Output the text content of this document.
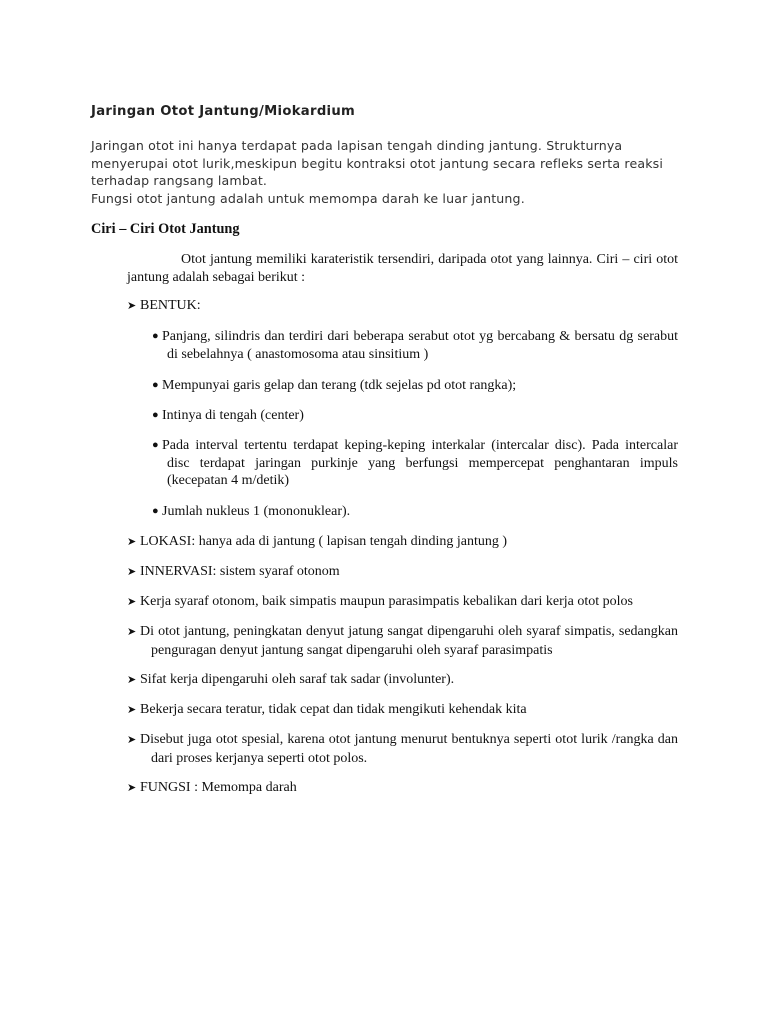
Jaringan Otot Jantung/Miokardium

Jaringan otot ini hanya terdapat pada lapisan tengah dinding jantung. Strukturnya menyerupai otot lurik,meskipun begitu kontraksi otot jantung secara refleks serta reaksi terhadap rangsang lambat.

Fungsi otot jantung adalah untuk memompa darah ke luar jantung.

Ciri – Ciri Otot Jantung
Otot jantung memiliki karateristik tersendiri, daripada otot yang lainnya. Ciri – ciri otot jantung adalah sebagai berikut :
➤ BENTUK:
● Panjang, silindris dan terdiri dari beberapa serabut otot yg bercabang & bersatu dg serabut di sebelahnya ( anastomosoma atau sinsitium )
● Mempunyai garis gelap dan terang (tdk sejelas pd otot rangka);
● Intinya di tengah (center)
● Pada interval tertentu terdapat keping-keping interkalar (intercalar disc). Pada intercalar disc terdapat jaringan purkinje yang berfungsi mempercepat penghantaran impuls (kecepatan 4 m/detik)
● Jumlah nukleus 1 (mononuklear).
➤ LOKASI: hanya ada di jantung ( lapisan tengah dinding jantung )
➤ INNERVASI: sistem syaraf otonom
➤ Kerja syaraf otonom, baik simpatis maupun parasimpatis kebalikan dari kerja otot polos
➤ Di otot jantung, peningkatan denyut jatung sangat dipengaruhi oleh syaraf simpatis, sedangkan penguragan denyut jantung sangat dipengaruhi oleh syaraf parasimpatis
➤ Sifat kerja dipengaruhi oleh saraf tak sadar (involunter).
➤ Bekerja secara teratur, tidak cepat dan tidak mengikuti kehendak kita
➤ Disebut juga otot spesial, karena otot jantung menurut bentuknya seperti otot lurik /rangka dan dari proses kerjanya seperti otot polos.
➤ FUNGSI : Memompa darah
